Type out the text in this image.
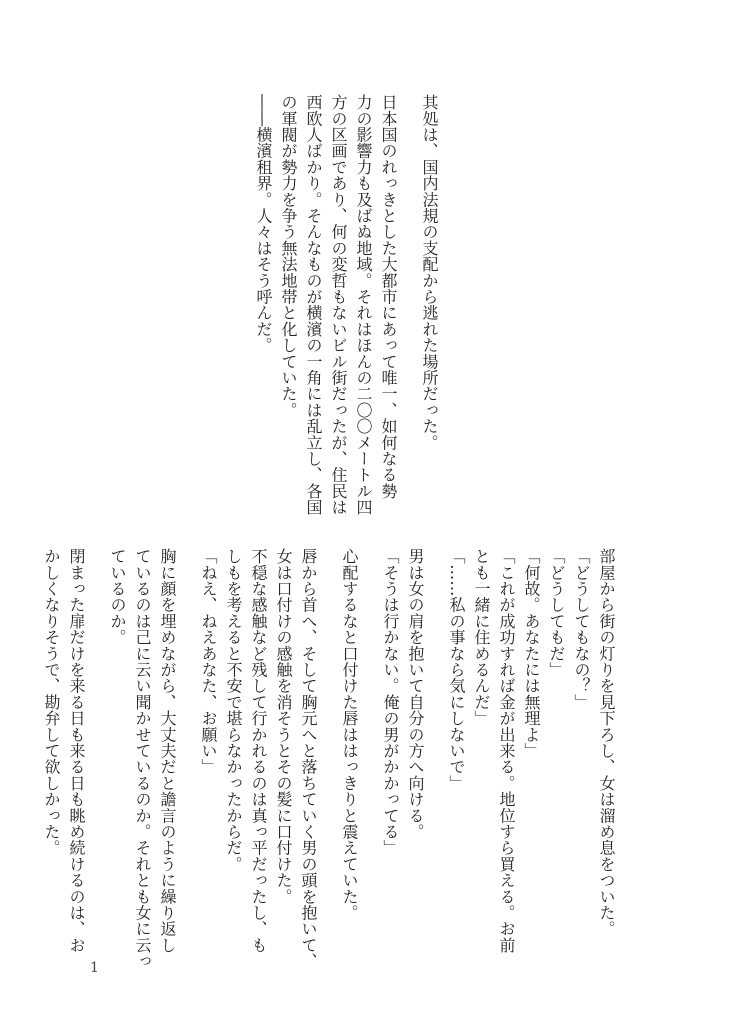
其処は、国内法規の支配から逃れた場所だった。
日本国のれっきとした大都市にあって唯一、如何なる勢
力の影響力も及ばぬ地域。それはほんの二〇〇メートル四
方の区画であり、何の変哲もないビル街だったが、住民は
西欧人ばかり。そんなものが横濱の一角には乱立し、各国
の軍閥が勢力を争う無法地帯と化していた。
――横濱租界。人々はそう呼んだ。
部屋から街の灯りを見下ろし、女は溜め息をついた。
「どうしてもなの？」
「どうしてもだ」
「何故。あなたには無理よ」
「これが成功すれば金が出来る。地位すら買える。お前
とも一緒に住めるんだ」
「……私の事なら気にしないで」
男は女の肩を抱いて自分の方へ向ける。
「そうは行かない。俺の男がかかってる」
心配するなと口付けた唇ははっきりと震えていた。
唇から首へ、そして胸元へと落ちていく男の頭を抱いて、
女は口付けの感触を消そうとその髪に口付けた。
不穏な感触など残して行かれるのは真っ平だったし、も
しもを考えると不安で堪らなかったからだ。
「ねえ、ねえあなた、お願い」
胸に顔を埋めながら、大丈夫だと譫言のように繰り返し
ているのは己に云い聞かせているのか。それとも女に云っ
ているのか。
閉まった扉だけを来る日も来る日も眺め続けるのは、お
かしくなりそうで、勘弁して欲しかった。
1
